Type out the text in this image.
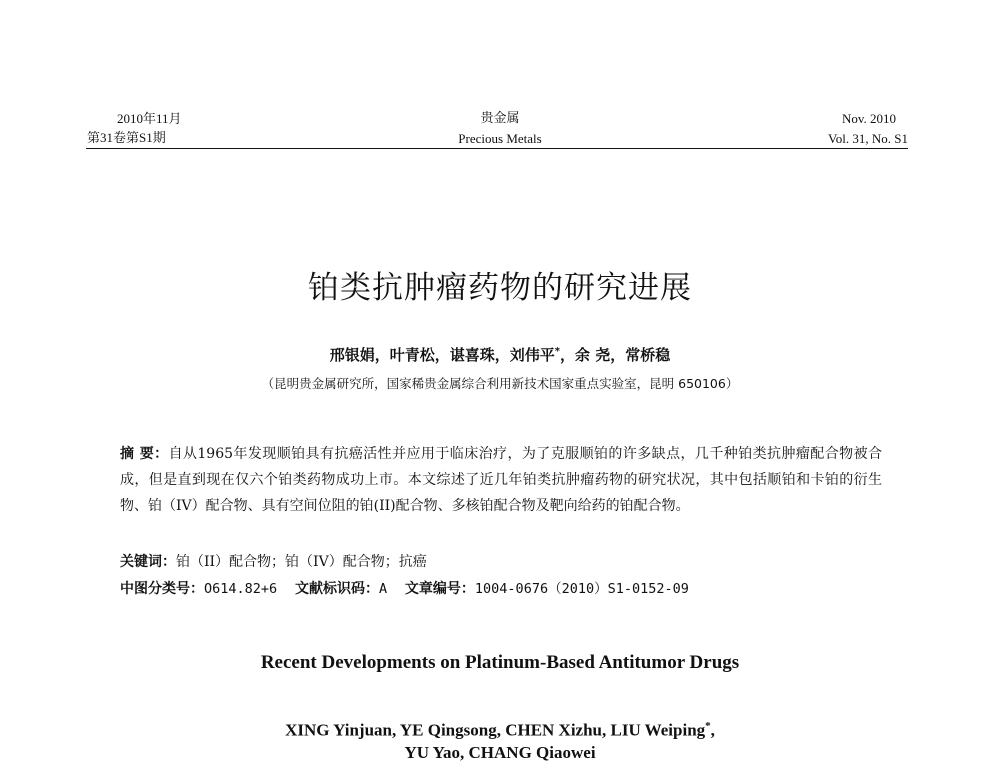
2010年11月
第31卷第S1期
贵金属
Precious Metals
Nov. 2010
Vol. 31, No. S1
铂类抗肿瘤药物的研究进展
邢银娟，叶青松，谌喜珠，刘伟平*，余 尧，常桥稳
（昆明贵金属研究所，国家稀贵金属综合利用新技术国家重点实验室，昆明 650106）
摘 要：自从1965年发现顺铂具有抗癌活性并应用于临床治疗，为了克服顺铂的许多缺点，几千种铂类抗肿瘤配合物被合成，但是直到现在仅六个铂类药物成功上市。本文综述了近几年铂类抗肿瘤药物的研究状况，其中包括顺铂和卡铂的衍生物、铂（IV）配合物、具有空间位阻的铂(II)配合物、多核铂配合物及靶向给药的铂配合物。
关键词：铂（II）配合物；铂（IV）配合物；抗癌
中图分类号：O614.82+6 文献标识码：A 文章编号：1004-0676（2010）S1-0152-09
Recent Developments on Platinum-Based Antitumor Drugs
XING Yinjuan, YE Qingsong, CHEN Xizhu, LIU Weiping*,
YU Yao, CHANG Qiaowei
